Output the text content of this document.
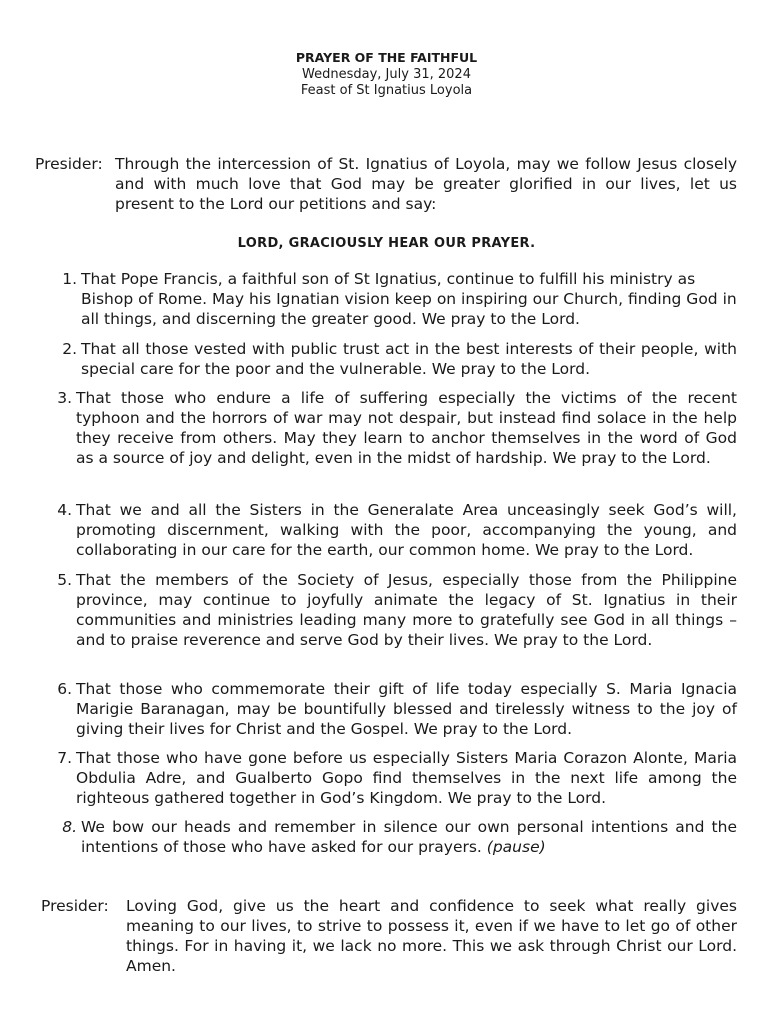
PRAYER OF THE FAITHFUL
Wednesday, July 31, 2024
Feast of St Ignatius Loyola
Presider: Through the intercession of St. Ignatius of Loyola, may we follow Jesus closely and with much love that God may be greater glorified in our lives, let us present to the Lord our petitions and say:
LORD, GRACIOUSLY HEAR OUR PRAYER.
1. That Pope Francis, a faithful son of St Ignatius, continue to fulfill his ministry as Bishop of Rome. May his Ignatian vision keep on inspiring our Church, finding God in all things, and discerning the greater good. We pray to the Lord.
2. That all those vested with public trust act in the best interests of their people, with special care for the poor and the vulnerable. We pray to the Lord.
3. That those who endure a life of suffering especially the victims of the recent typhoon and the horrors of war may not despair, but instead find solace in the help they receive from others. May they learn to anchor themselves in the word of God as a source of joy and delight, even in the midst of hardship. We pray to the Lord.
4. That we and all the Sisters in the Generalate Area unceasingly seek God’s will, promoting discernment, walking with the poor, accompanying the young, and collaborating in our care for the earth, our common home. We pray to the Lord.
5. That the members of the Society of Jesus, especially those from the Philippine province, may continue to joyfully animate the legacy of St. Ignatius in their communities and ministries leading many more to gratefully see God in all things – and to praise reverence and serve God by their lives. We pray to the Lord.
6. That those who commemorate their gift of life today especially S. Maria Ignacia Marigie Baranagan, may be bountifully blessed and tirelessly witness to the joy of giving their lives for Christ and the Gospel. We pray to the Lord.
7. That those who have gone before us especially Sisters Maria Corazon Alonte, Maria Obdulia Adre, and Gualberto Gopo find themselves in the next life among the righteous gathered together in God’s Kingdom. We pray to the Lord.
8. We bow our heads and remember in silence our own personal intentions and the intentions of those who have asked for our prayers. (pause)
Presider: Loving God, give us the heart and confidence to seek what really gives meaning to our lives, to strive to possess it, even if we have to let go of other things. For in having it, we lack no more. This we ask through Christ our Lord. Amen.
